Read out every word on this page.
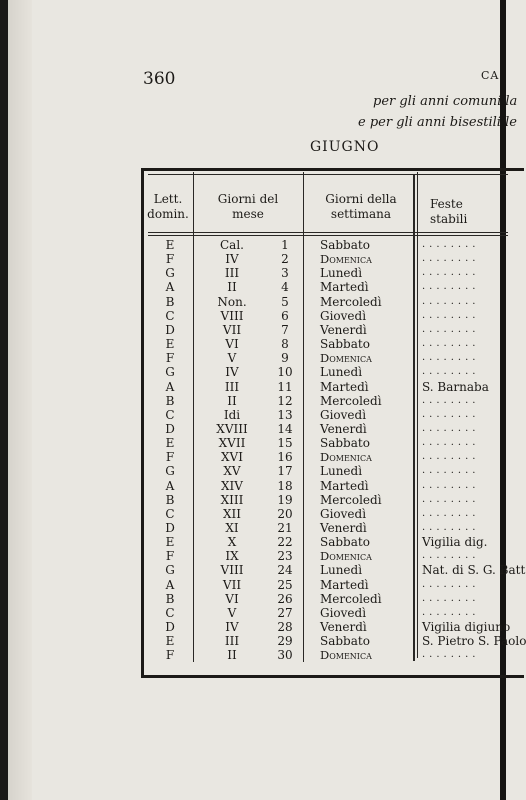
360	CA
per gli anni comuni la
e per gli anni bisestili le
GIUGNO
Lett. domin.
Giorni del mese
Giorni della settimana
Feste stabili
E	Cal.	1	Sabbato	........
F	IV	2	Domenica	........
G	III	3	Lunedì	........
A	II	4	Martedì	........
B	Non.	5	Mercoledì	........
C	VIII	6	Giovedì	........
D	VII	7	Venerdì	........
E	VI	8	Sabbato	........
F	V	9	Domenica	........
G	IV	10	Lunedì	........
A	III	11	Martedì	S. Barnaba
B	II	12	Mercoledì	........
C	Idi	13	Giovedì	........
D	XVIII	14	Venerdì	........
E	XVII	15	Sabbato	........
F	XVI	16	Domenica	........
G	XV	17	Lunedì	........
A	XIV	18	Martedì	........
B	XIII	19	Mercoledì	........
C	XII	20	Giovedì	........
D	XI	21	Venerdì	........
E	X	22	Sabbato	Vigilia dig.
F	IX	23	Domenica	........
G	VIII	24	Lunedì	Nat. di S. G. Batt
A	VII	25	Martedì	........
B	VI	26	Mercoledì	........
C	V	27	Giovedì	........
D	IV	28	Venerdì	Vigilia digiuno
E	III	29	Sabbato	S. Pietro S. Paolo
F	II	30	Domenica	........
